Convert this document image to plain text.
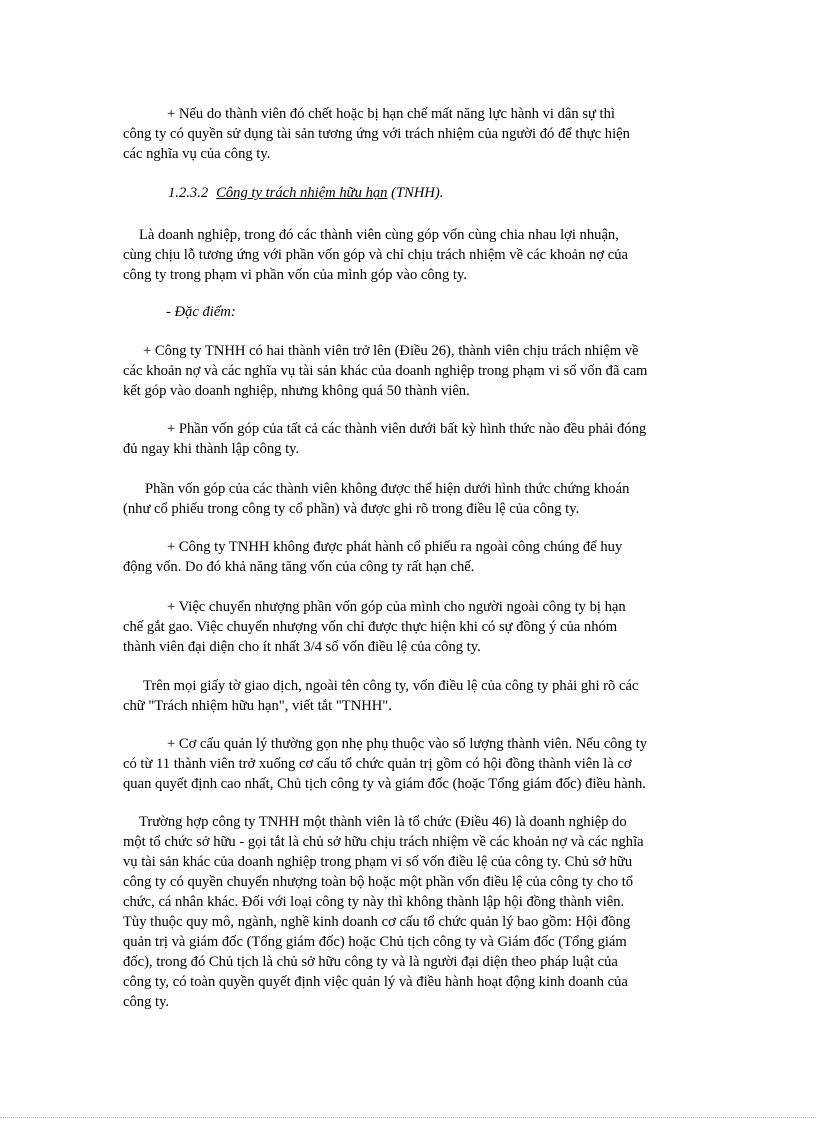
+ Nếu do thành viên đó chết hoặc bị hạn chế mất năng lực hành vi dân sự thì
công ty có quyền sử dụng tài sản tương ứng với trách nhiệm của người đó để thực hiện
các nghĩa vụ của công ty.

1.2.3.2 Công ty trách nhiệm hữu hạn (TNHH).

Là doanh nghiệp, trong đó các thành viên cùng góp vốn cùng chia nhau lợi nhuận,
cùng chịu lỗ tương ứng với phần vốn góp và chỉ chịu trách nhiệm về các khoản nợ của
công ty trong phạm vi phần vốn của mình góp vào công ty.

- Đặc điểm:

+ Công ty TNHH có hai thành viên trở lên (Điều 26), thành viên chịu trách nhiệm về
các khoản nợ và các nghĩa vụ tài sản khác của doanh nghiệp trong phạm vi số vốn đã cam
kết góp vào doanh nghiệp, nhưng không quá 50 thành viên.

+ Phần vốn góp của tất cả các thành viên dưới bất kỳ hình thức nào đều phải đóng
đủ ngay khi thành lập công ty.

Phần vốn góp của các thành viên không được thể hiện dưới hình thức chứng khoán
(như cổ phiếu trong công ty cổ phần) và được ghi rõ trong điều lệ của công ty.

+ Công ty TNHH không được phát hành cổ phiếu ra ngoài công chúng để huy
động vốn. Do đó khả năng tăng vốn của công ty rất hạn chế.

+ Việc chuyển nhượng phần vốn góp của mình cho người ngoài công ty bị hạn
chế gắt gao. Việc chuyển nhượng vốn chỉ được thực hiện khi có sự đồng ý của nhóm
thành viên đại diện cho ít nhất 3/4 số vốn điều lệ của công ty.

Trên mọi giấy tờ giao dịch, ngoài tên công ty, vốn điều lệ của công ty phải ghi rõ các
chữ "Trách nhiệm hữu hạn", viết tắt "TNHH".

+ Cơ cấu quản lý thường gọn nhẹ phụ thuộc vào số lượng thành viên. Nếu công ty
có từ 11 thành viên trở xuống cơ cấu tổ chức quản trị gồm có hội đồng thành viên là cơ
quan quyết định cao nhất, Chủ tịch công ty và giám đốc (hoặc Tổng giám đốc) điều hành.

Trường hợp công ty TNHH một thành viên là tổ chức (Điều 46) là doanh nghiệp do
một tổ chức sở hữu - gọi tắt là chủ sở hữu chịu trách nhiệm về các khoản nợ và các nghĩa
vụ tài sản khác của doanh nghiệp trong phạm vi số vốn điều lệ của công ty. Chủ sở hữu
công ty có quyền chuyển nhượng toàn bộ hoặc một phần vốn điều lệ của công ty cho tổ
chức, cá nhân khác. Đối với loại công ty này thì không thành lập hội đồng thành viên.
Tùy thuộc quy mô, ngành, nghề kinh doanh cơ cấu tổ chức quản lý bao gồm: Hội đồng
quản trị và giám đốc (Tổng giám đốc) hoặc Chủ tịch công ty và Giám đốc (Tổng giám
đốc), trong đó Chủ tịch là chủ sở hữu công ty và là người đại diện theo pháp luật của
công ty, có toàn quyền quyết định việc quản lý và điều hành hoạt động kinh doanh của
công ty.
